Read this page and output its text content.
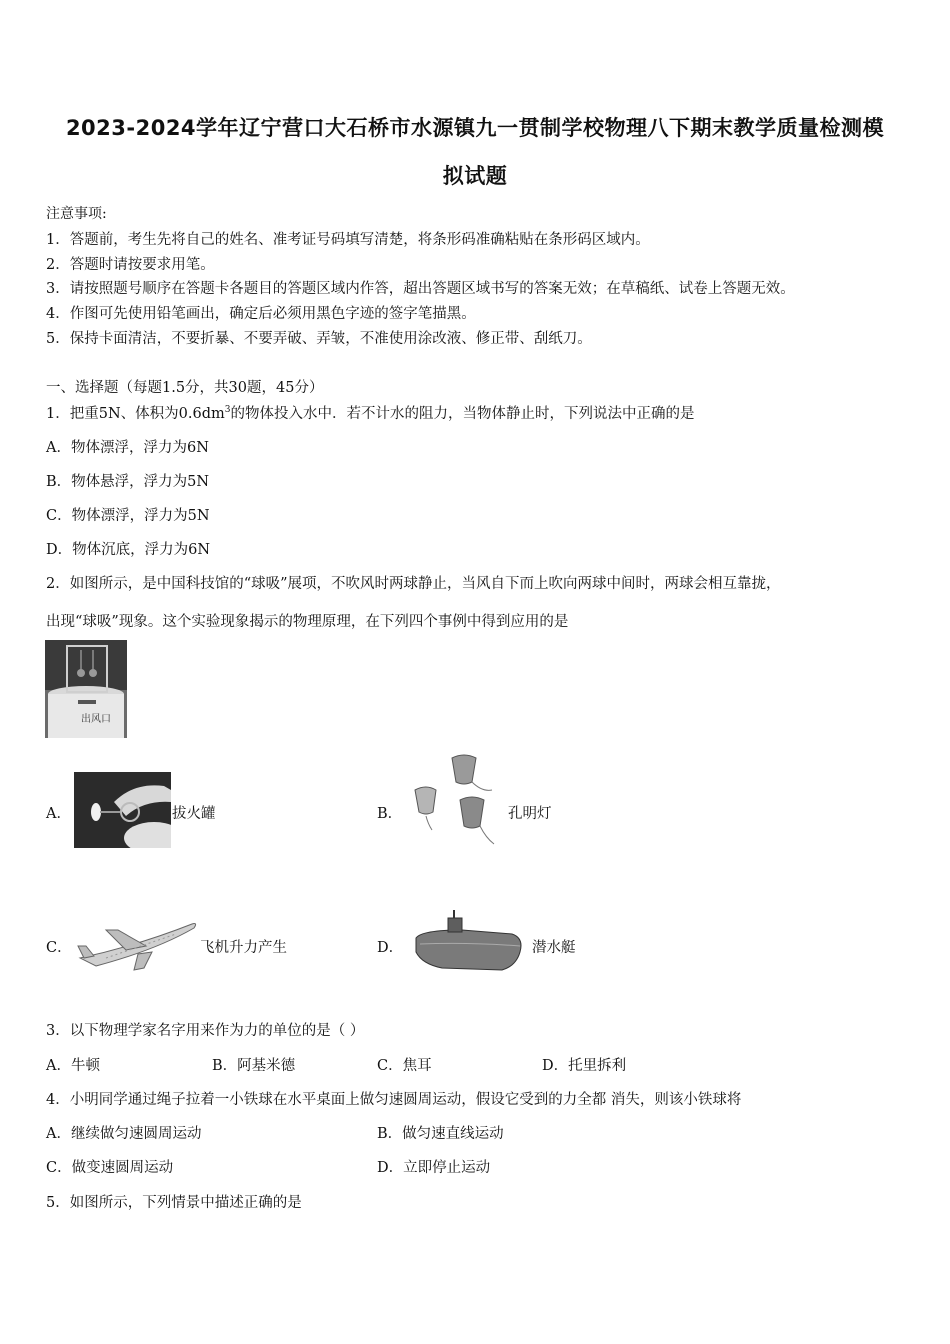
2023-2024学年辽宁营口大石桥市水源镇九一贯制学校物理八下期末教学质量检测模
拟试题
注意事项:
1．答题前，考生先将自己的姓名、准考证号码填写清楚，将条形码准确粘贴在条形码区域内。
2．答题时请按要求用笔。
3．请按照题号顺序在答题卡各题目的答题区域内作答，超出答题区域书写的答案无效；在草稿纸、试卷上答题无效。
4．作图可先使用铅笔画出，确定后必须用黑色字迹的签字笔描黑。
5．保持卡面清洁，不要折暴、不要弄破、弄皱，不准使用涂改液、修正带、刮纸刀。
一、选择题（每题1.5分，共30题，45分）
1．把重5N、体积为$0.6dm^3$的物体投入水中．若不计水的阻力，当物体静止时，下列说法中正确的是
A．物体漂浮，浮力为6N
B．物体悬浮，浮力为5N
C．物体漂浮，浮力为5N
D．物体沉底，浮力为6N
2．如图所示，是中国科技馆的“球吸”展项，不吹风时两球静止，当风自下而上吹向两球中间时，两球会相互靠拢，
出现“球吸”现象。这个实验现象揭示的物理原理，在下列四个事例中得到应用的是
出风口
A．	拔火罐	B．	孔明灯
C．	飞机升力产生	D．	潜水艇
3．以下物理学家名字用来作为力的单位的是（ ）
A．牛顿	B．阿基米德	C．焦耳	D．托里拆利
4．小明同学通过绳子拉着一小铁球在水平桌面上做匀速圆周运动，假设它受到的力全都 消失，则该小铁球将
A．继续做匀速圆周运动	B．做匀速直线运动
C．做变速圆周运动	D．立即停止运动
5．如图所示，下列情景中描述正确的是
